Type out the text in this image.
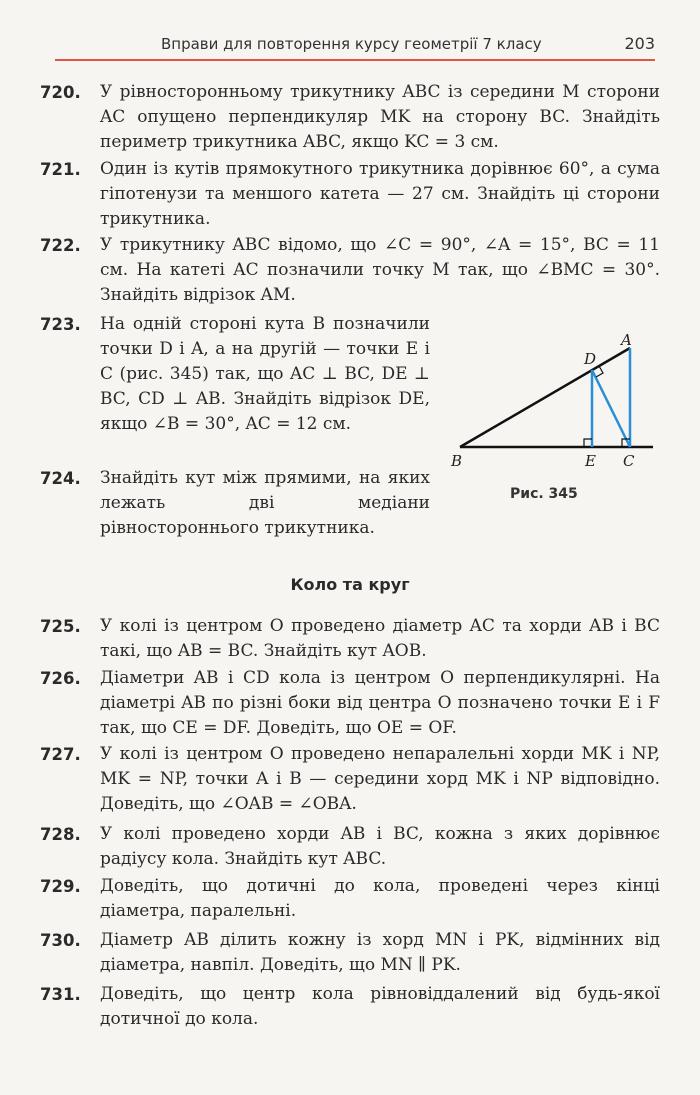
Вправи для повторення курсу геометрії 7 класу	203
720.	У рівносторонньому трикутнику ABC із середини M сторони AC опущено перпендикуляр MK на сторону BC. Знайдіть периметр трикутника ABC, якщо KC = 3 см.
721.	Один із кутів прямокутного трикутника дорівнює 60°, а сума гіпотенузи та меншого катета — 27 см. Знайдіть ці сторони трикутника.
722.	У трикутнику ABC відомо, що ∠C = 90°, ∠A = 15°, BC = 11 см. На катеті AC позначили точку M так, що ∠BMC = 30°. Знайдіть відрізок AM.
723.	На одній стороні кута B позначили точки D і A, а на другій — точки E і C (рис. 345) так, що AC ⊥ BC, DE ⊥ BC, CD ⊥ AB. Знайдіть відрізок DE, якщо ∠B = 30°, AC = 12 см.
724.	Знайдіть кут між прямими, на яких лежать дві медіани рівностороннього трикутника.
B	E C
D
A
Рис. 345
Коло та круг
725.	У колі із центром O проведено діаметр AC та хорди AB і BC такі, що AB = BC. Знайдіть кут AOB.
726.	Діаметри AB і CD кола із центром O перпендикулярні. На діаметрі AB по різні боки від центра O позначено точки E і F так, що CE = DF. Доведіть, що OE = OF.
727.	У колі із центром O проведено непаралельні хорди MK і NP, MK = NP, точки A і B — середини хорд MK і NP відповідно. Доведіть, що ∠OAB = ∠OBA.
728.	У колі проведено хорди AB і BC, кожна з яких дорівнює радіусу кола. Знайдіть кут ABC.
729.	Доведіть, що дотичні до кола, проведені через кінці діаметра, паралельні.
730.	Діаметр AB ділить кожну із хорд MN і PK, відмінних від діаметра, навпіл. Доведіть, що MN ∥ PK.
731.	Доведіть, що центр кола рівновіддалений від будь-якої дотичної до кола.
